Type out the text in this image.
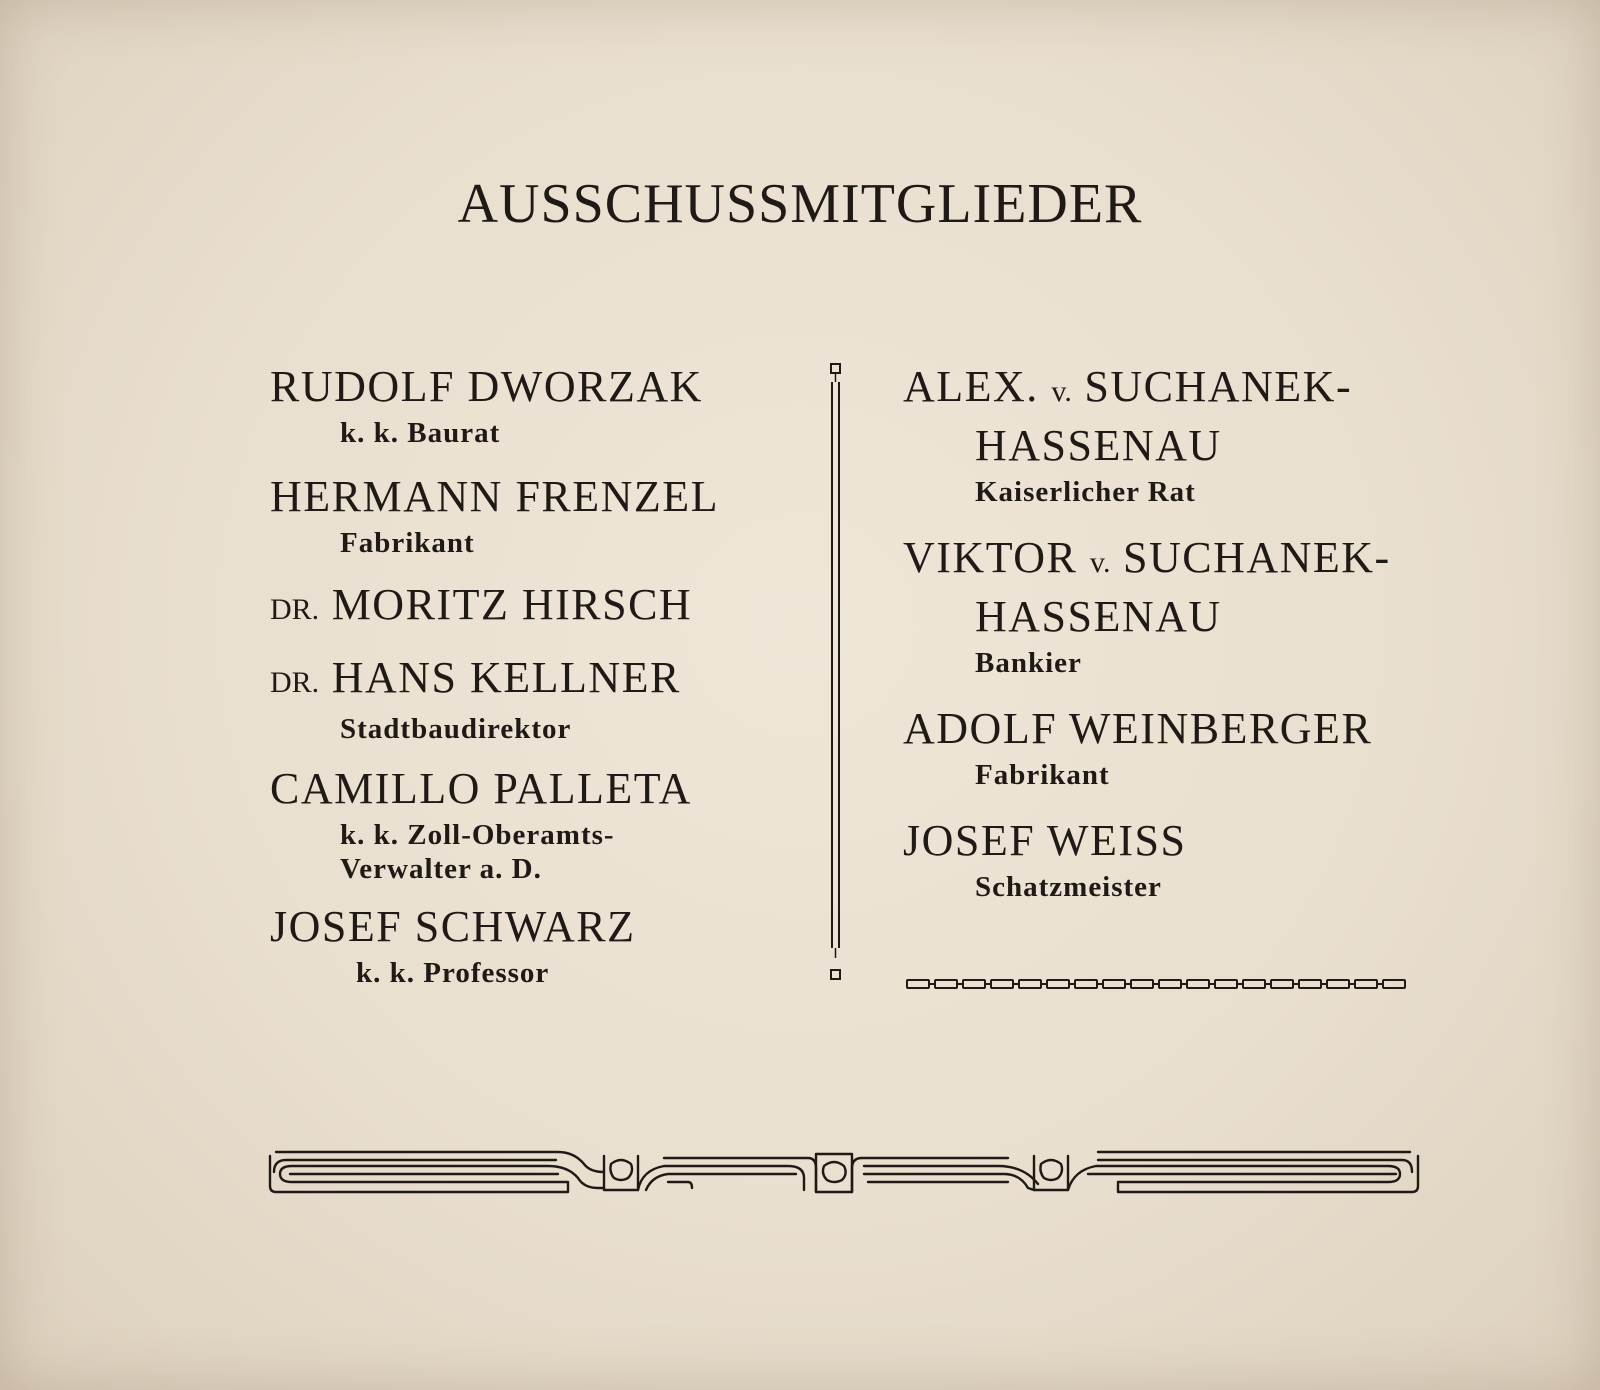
AUSSCHUSSMITGLIEDER
RUDOLF DWORZAK
k. k. Baurat
HERMANN FRENZEL
Fabrikant
DR. MORITZ HIRSCH
DR. HANS KELLNER
Stadtbaudirektor
CAMILLO PALLETA
k. k. Zoll-Oberamts-
Verwalter a. D.
JOSEF SCHWARZ
k. k. Professor
ALEX. v. SUCHANEK-
HASSENAU
Kaiserlicher Rat
VIKTOR v. SUCHANEK-
HASSENAU
Bankier
ADOLF WEINBERGER
Fabrikant
JOSEF WEISS
Schatzmeister
